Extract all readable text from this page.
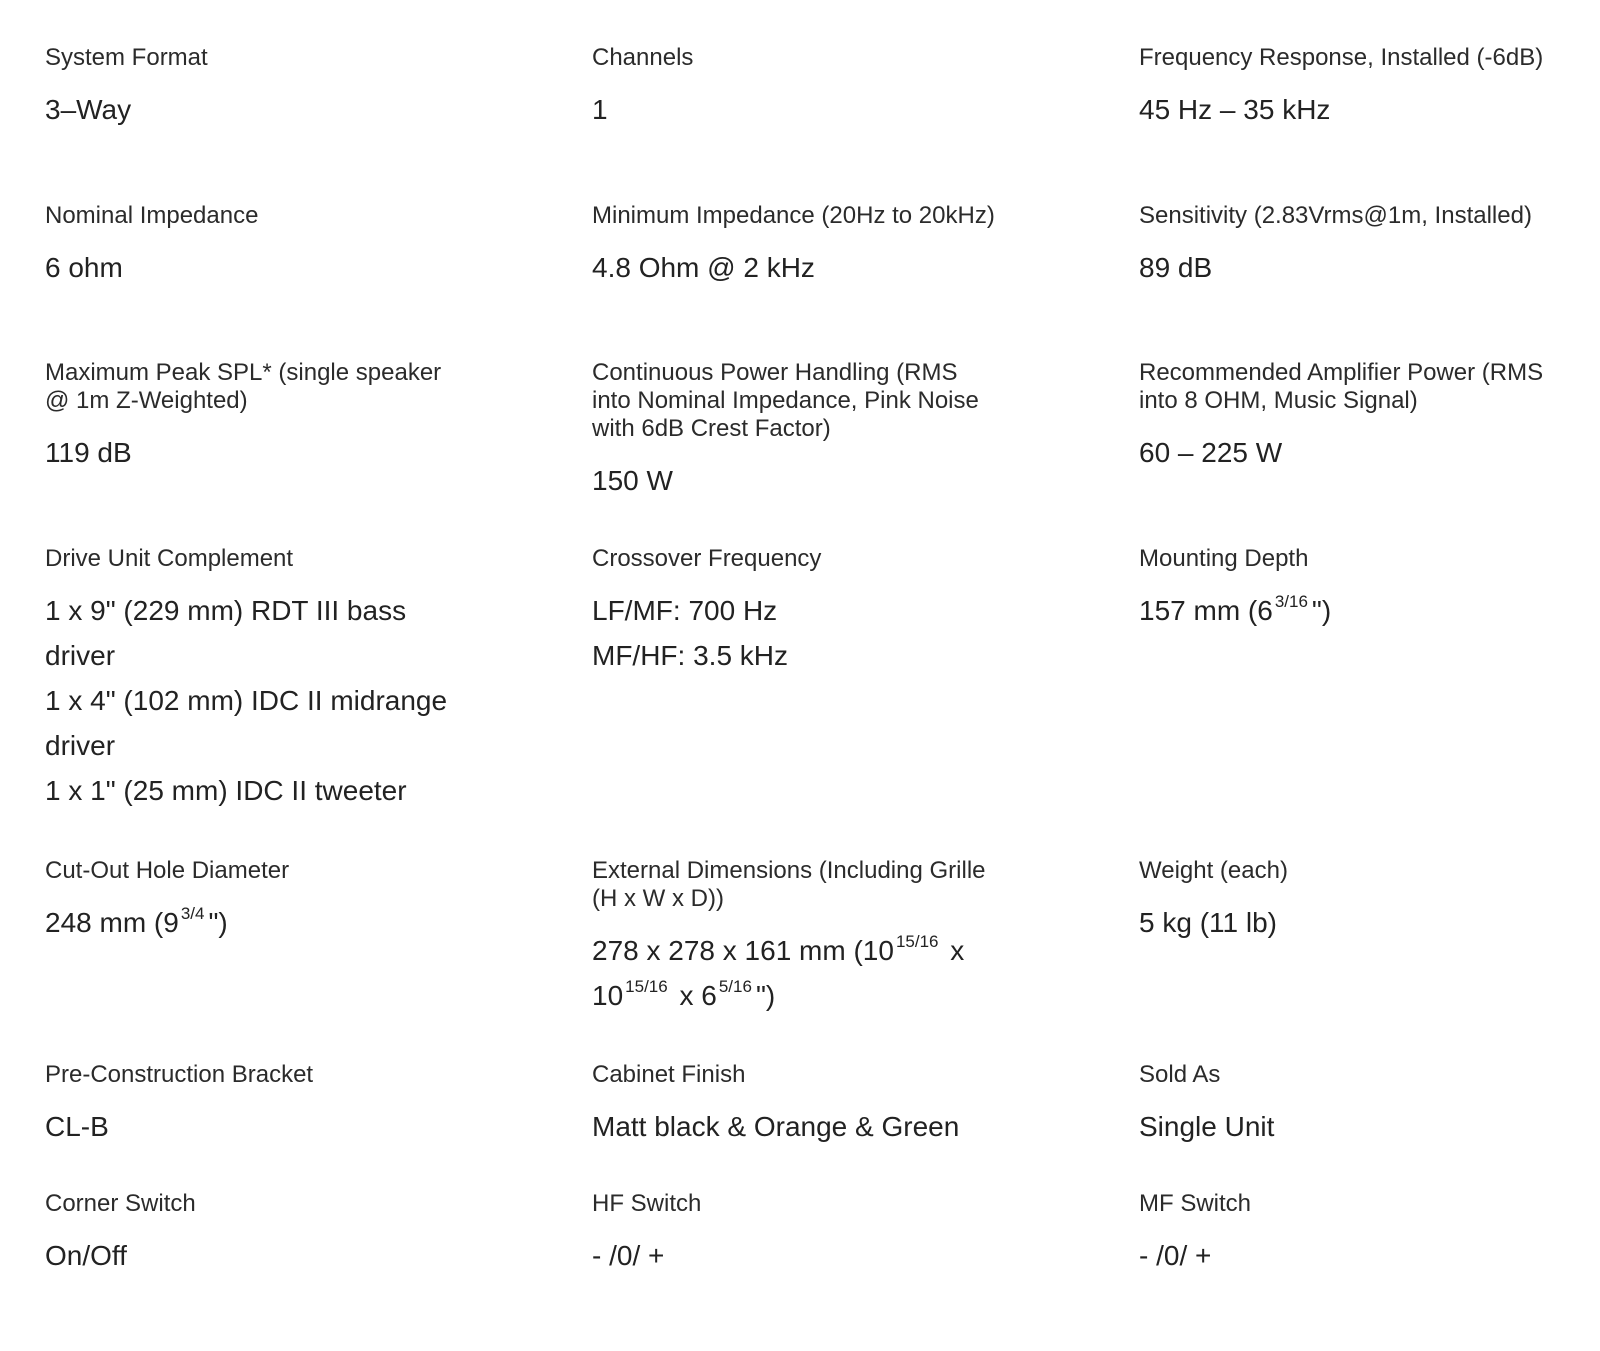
System Format
3–Way
Channels
1
Frequency Response, Installed (-6dB)
45 Hz – 35 kHz
Nominal Impedance
6 ohm
Minimum Impedance (20Hz to 20kHz)
4.8 Ohm @ 2 kHz
Sensitivity (2.83Vrms@1m, Installed)
89 dB
Maximum Peak SPL* (single speaker @ 1m Z-Weighted)
119 dB
Continuous Power Handling (RMS into Nominal Impedance, Pink Noise with 6dB Crest Factor)
150 W
Recommended Amplifier Power (RMS into 8 OHM, Music Signal)
60 – 225 W
Drive Unit Complement
1 x 9" (229 mm) RDT III bass driver
1 x 4" (102 mm) IDC II midrange driver
1 x 1" (25 mm) IDC II tweeter
Crossover Frequency
LF/MF: 700 Hz
MF/HF: 3.5 kHz
Mounting Depth
157 mm (6 $^{3/16}$ ")
Cut-Out Hole Diameter
248 mm (9 $^{3/4}$ ")
External Dimensions (Including Grille (H x W x D))
278 x 278 x 161 mm (10 $^{15/16}$ x 10 $^{15/16}$ x 6 $^{5/16}$ ")
Weight (each)
5 kg (11 lb)
Pre-Construction Bracket
CL-B
Cabinet Finish
Matt black & Orange & Green
Sold As
Single Unit
Corner Switch
On/Off
HF Switch
- /0/ +
MF Switch
- /0/ +
